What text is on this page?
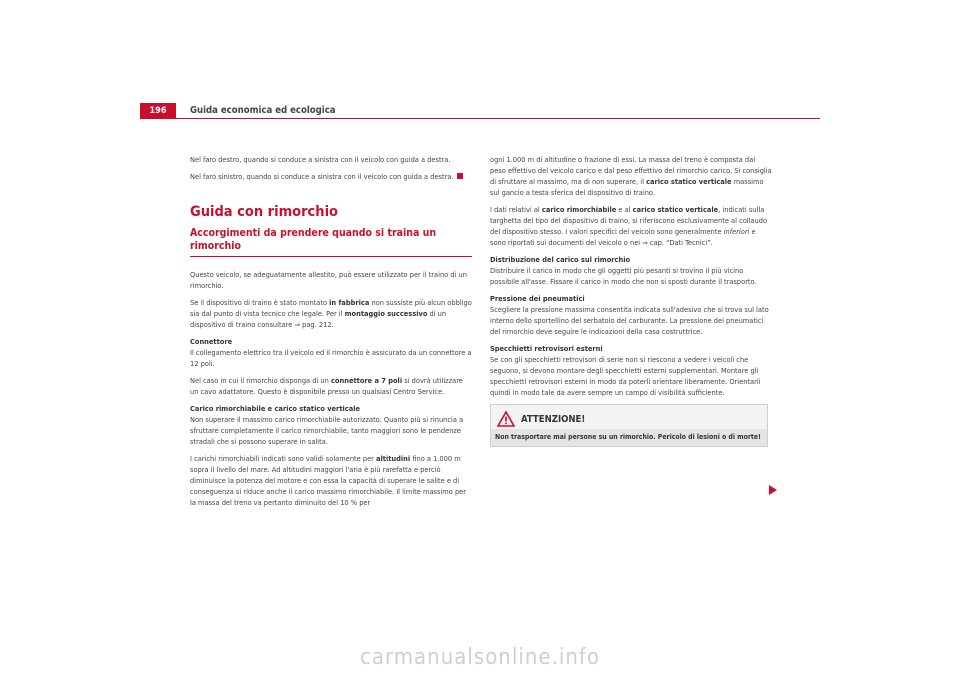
196	Guida economica ed ecologica

Nel faro destro, quando si conduce a sinistra con il veicolo con guida a destra.

Nel faro sinistro, quando si conduce a sinistra con il veicolo con guida a destra.

Guida con rimorchio
Accorgimenti da prendere quando si traina un rimorchio

Questo veicolo, se adeguatamente allestito, può essere utilizzato per il traino di un rimorchio.

Se il dispositivo di traino è stato montato in fabbrica non sussiste più alcun obbligo sia dal punto di vista tecnico che legale. Per il montaggio successivo di un dispositivo di traino consultare ⇒ pag. 212.

Connettore

Il collegamento elettrico tra il veicolo ed il rimorchio è assicurato da un connettore a 12 poli.

Nel caso in cui il rimorchio disponga di un connettore a 7 poli si dovrà utilizzare un cavo adattatore. Questo è disponibile presso un qualsiasi Centro Service.

Carico rimorchiabile e carico statico verticale

Non superare il massimo carico rimorchiabile autorizzato. Quanto più si rinuncia a sfruttare completamente il carico rimorchiabile, tanto maggiori sono le pendenze stradali che si possono superare in salita.

I carichi rimorchiabili indicati sono validi solamente per altitudini fino a 1.000 m sopra il livello del mare. Ad altitudini maggiori l'aria è più rarefatta e perciò diminuisce la potenza del motore e con essa la capacità di superare le salite e di conseguenza si riduce anche il carico massimo rimorchiabile. Il limite massimo per la massa del treno va pertanto diminuito del 10 % per

ogni 1.000 m di altitudine o frazione di essi. La massa del treno è composta dal peso effettivo del veicolo carico e dal peso effettivo del rimorchio carico. Si consiglia di sfruttare al massimo, ma di non superare, il carico statico verticale massimo sul gancio a testa sferica del dispositivo di traino.

I dati relativi al carico rimorchiabile e al carico statico verticale, indicati sulla targhetta del tipo del dispositivo di traino, si riferiscono esclusivamente al collaudo del dispositivo stesso. I valori specifici del veicolo sono generalmente inferiori e sono riportati sui documenti del veicolo o nei ⇒ cap. “Dati Tecnici”.

Distribuzione del carico sul rimorchio

Distribuire il carico in modo che gli oggetti più pesanti si trovino il più vicino possibile all'asse. Fissare il carico in modo che non si sposti durante il trasporto.

Pressione dei pneumatici

Scegliere la pressione massima consentita indicata sull'adesivo che si trova sul lato interno dello sportellino del serbatoio del carburante. La pressione dei pneumatici del rimorchio deve seguire le indicazioni della casa costruttrice.

Specchietti retrovisori esterni

Se con gli specchietti retrovisori di serie non si riescono a vedere i veicoli che seguono, si devono montare degli specchietti esterni supplementari. Montare gli specchietti retrovisori esterni in modo da poterli orientare liberamente. Orientarli quindi in modo tale da avere sempre un campo di visibilità sufficiente.

ATTENZIONE!
Non trasportare mai persone su un rimorchio. Pericolo di lesioni o di morte!
carmanualsonline.info
